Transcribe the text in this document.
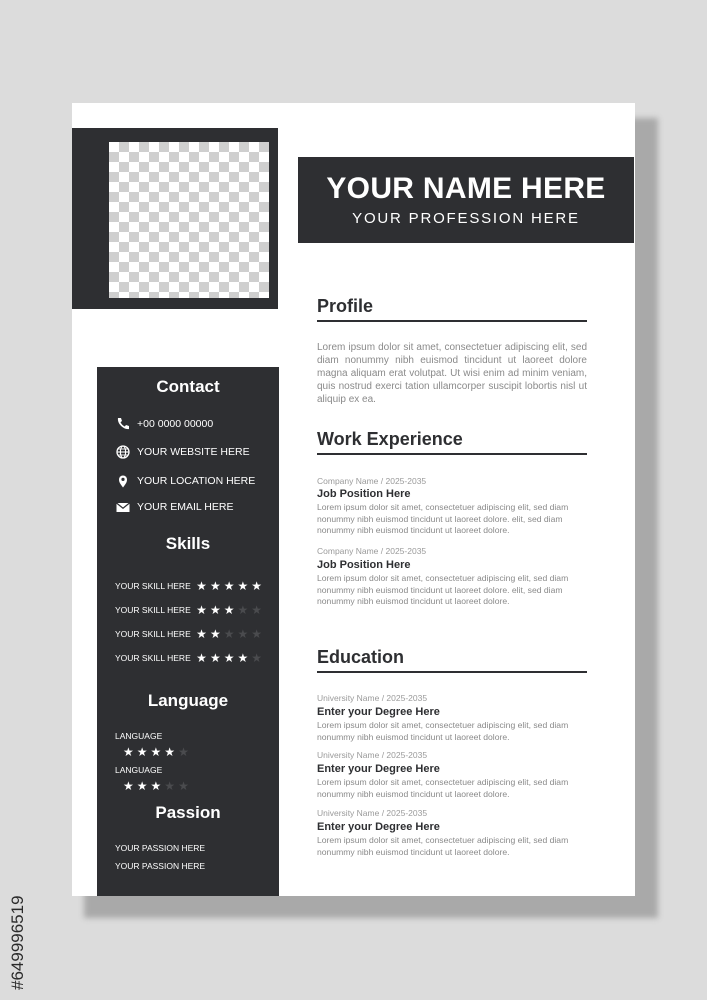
YOUR NAME HERE
YOUR PROFESSION HERE
Contact
+00 0000 00000
YOUR WEBSITE HERE
YOUR LOCATION HERE
YOUR EMAIL HERE
Skills
YOUR SKILL HERE ★ ★ ★ ★ ★
YOUR SKILL HERE ★ ★ ★ ★ ★
YOUR SKILL HERE ★ ★ ★ ★ ★
YOUR SKILL HERE ★ ★ ★ ★ ★
Language
LANGUAGE
★ ★ ★ ★ ★
LANGUAGE
★ ★ ★ ★ ★
Passion
YOUR PASSION HERE
YOUR PASSION HERE
Profile
Lorem ipsum dolor sit amet, consectetuer adipiscing elit, sed diam nonummy nibh euismod tincidunt ut laoreet dolore magna aliquam erat volutpat. Ut wisi enim ad minim veniam, quis nostrud exerci tation ullamcorper suscipit lobortis nisl ut aliquip ex ea.
Work Experience
Company Name / 2025-2035
Job Position Here
Lorem ipsum dolor sit amet, consectetuer adipiscing elit, sed diam nonummy nibh euismod tincidunt ut laoreet dolore. elit, sed diam nonummy nibh euismod tincidunt ut laoreet dolore.
Company Name / 2025-2035
Job Position Here
Lorem ipsum dolor sit amet, consectetuer adipiscing elit, sed diam nonummy nibh euismod tincidunt ut laoreet dolore. elit, sed diam nonummy nibh euismod tincidunt ut laoreet dolore.
Education
University Name / 2025-2035
Enter your Degree Here
Lorem ipsum dolor sit amet, consectetuer adipiscing elit, sed diam nonummy nibh euismod tincidunt ut laoreet dolore.
University Name / 2025-2035
Enter your Degree Here
Lorem ipsum dolor sit amet, consectetuer adipiscing elit, sed diam nonummy nibh euismod tincidunt ut laoreet dolore.
University Name / 2025-2035
Enter your Degree Here
Lorem ipsum dolor sit amet, consectetuer adipiscing elit, sed diam nonummy nibh euismod tincidunt ut laoreet dolore.
#649996519
